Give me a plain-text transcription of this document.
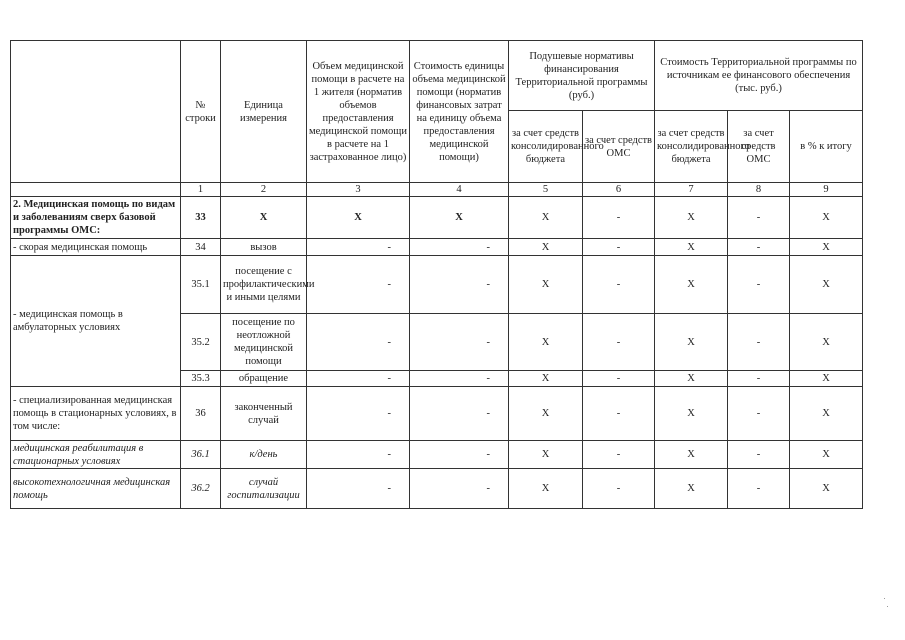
	№ строки	Единица измерения	Объем медицинской помощи в расчете на 1 жителя (норматив объемов предоставления медицинской помощи в расчете на 1 застрахованное лицо)	Стоимость единицы объема медицинской помощи (норматив финансовых затрат на единицу объема предоставления медицинской помощи)	Подушевые нормативы финансирования Территориальной программы (руб.)		Стоимость Территориальной программы по источникам ее финансового обеспечения (тыс. руб.)		
					за счет средств консолидированного бюджета	за счет средств ОМС	за счет средств консолидированного бюджета	за счет средств ОМС	в % к итогу
	1	2	3	4	5	6	7	8	9
2. Медицинская помощь по видам и заболеваниям сверх базовой программы ОМС:	33	Х	Х	Х	Х	-	Х	-	Х
- скорая медицинская помощь	34	вызов	-	-	Х	-	Х	-	Х
- медицинская помощь в амбулаторных условиях	35.1	посещение с профилактическими и иными целями	-	-	Х	-	Х	-	Х
	35.2	посещение по неотложной медицинской помощи	-	-	Х	-	Х	-	Х
	35.3	обращение	-	-	Х	-	Х	-	Х
- специализированная медицинская помощь в стационарных условиях, в том числе:	36	законченный случай	-	-	Х	-	Х	-	Х
медицинская реабилитация в стационарных условиях	36.1	к/день	-	-	Х	-	Х	-	Х
высокотехнологичная медицинская помощь	36.2	случай госпитализации	-	-	Х	-	Х	-	Х
